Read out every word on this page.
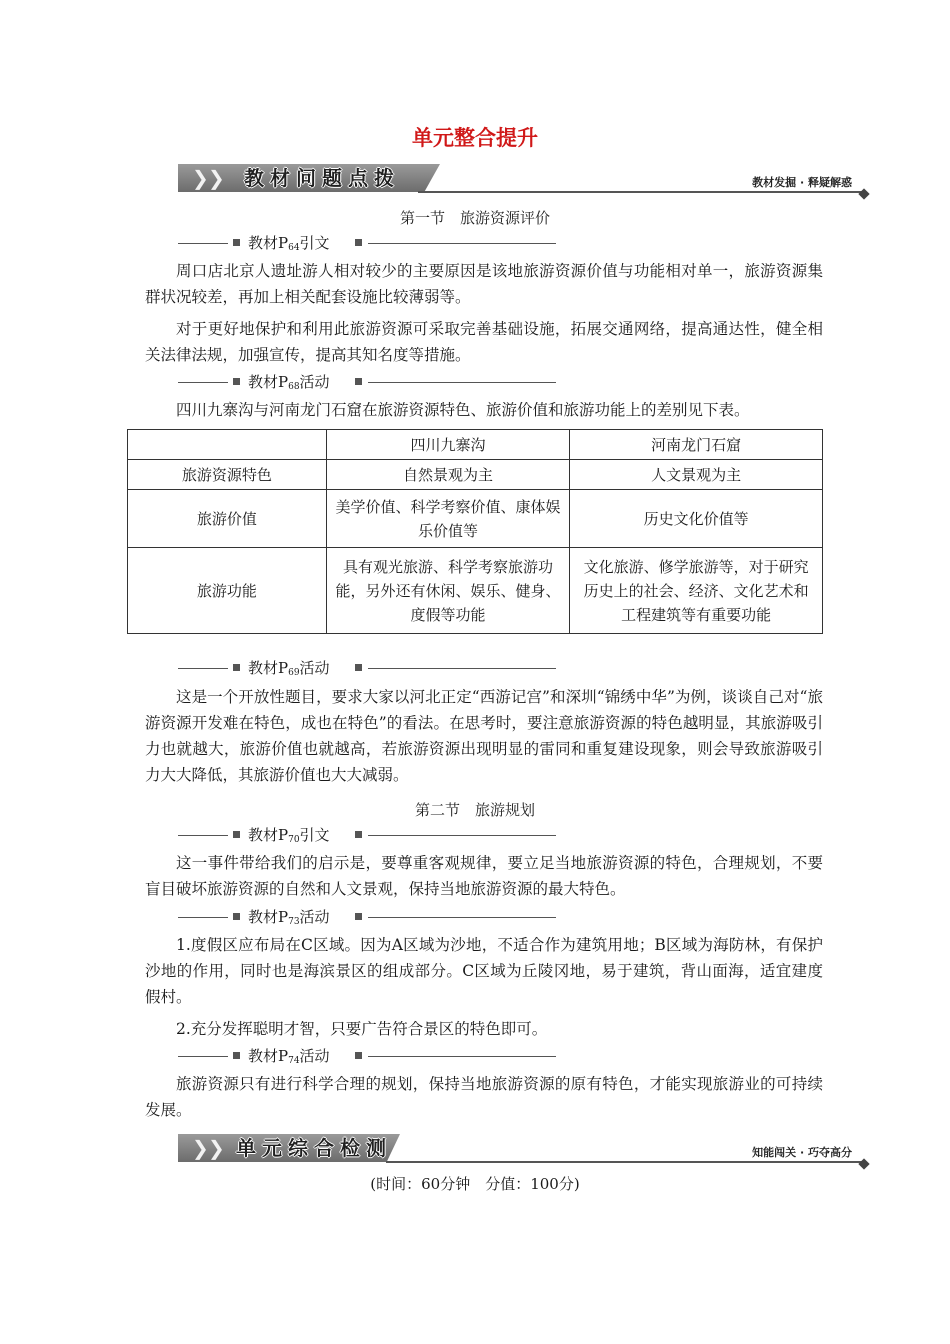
单元整合提升
❯ ❯ 教材问题点拨	教材发掘 · 释疑解惑
第一节　旅游资源评价
教材$P_{64}$引文

周口店北京人遗址游人相对较少的主要原因是该地旅游资源价值与功能相对单一，旅游资源集群状况较差，再加上相关配套设施比较薄弱等。

对于更好地保护和利用此旅游资源可采取完善基础设施，拓展交通网络，提高通达性，健全相关法律法规，加强宣传，提高其知名度等措施。

教材$P_{68}$活动

四川九寨沟与河南龙门石窟在旅游资源特色、旅游价值和旅游功能上的差别见下表。

	四川九寨沟	河南龙门石窟
旅游资源特色	自然景观为主	人文景观为主
旅游价值	美学价值、科学考察价值、康体娱乐价值等	历史文化价值等
旅游功能	具有观光旅游、科学考察旅游功能，另外还有休闲、娱乐、健身、度假等功能	文化旅游、修学旅游等，对于研究历史上的社会、经济、文化艺术和工程建筑等有重要功能
教材$P_{69}$活动

这是一个开放性题目，要求大家以河北正定“西游记宫”和深圳“锦绣中华”为例，谈谈自己对“旅游资源开发难在特色，成也在特色”的看法。在思考时，要注意旅游资源的特色越明显，其旅游吸引力也就越大，旅游价值也就越高，若旅游资源出现明显的雷同和重复建设现象，则会导致旅游吸引力大大降低，其旅游价值也大大减弱。

第二节　旅游规划
教材$P_{70}$引文

这一事件带给我们的启示是，要尊重客观规律，要立足当地旅游资源的特色，合理规划，不要盲目破坏旅游资源的自然和人文景观，保持当地旅游资源的最大特色。

教材$P_{73}$活动

1.度假区应布局在C区域。因为A区域为沙地，不适合作为建筑用地；B区域为海防林，有保护沙地的作用，同时也是海滨景区的组成部分。C区域为丘陵冈地，易于建筑，背山面海，适宜建度假村。

2.充分发挥聪明才智，只要广告符合景区的特色即可。

教材$P_{74}$活动

旅游资源只有进行科学合理的规划，保持当地旅游资源的原有特色，才能实现旅游业的可持续发展。

❯ ❯ 单元综合检测	知能闯关 · 巧夺高分
(时间：60分钟　分值：100分)
